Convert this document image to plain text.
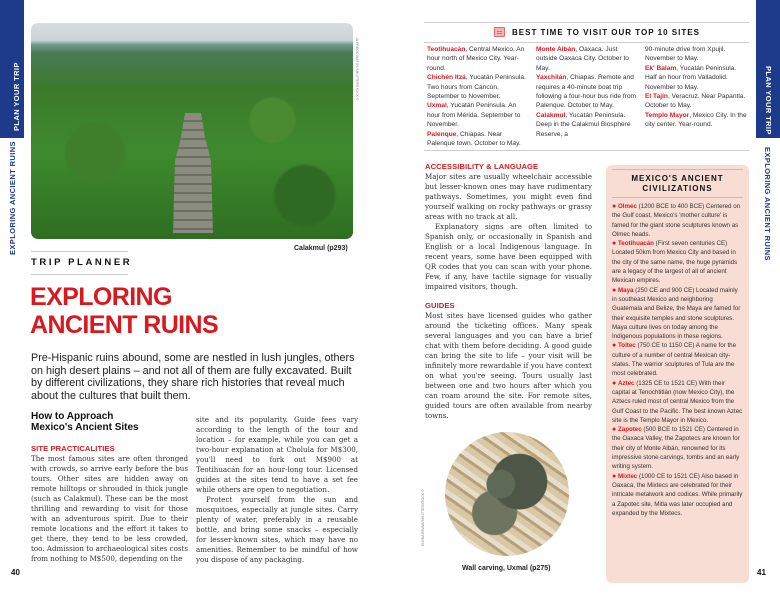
PLAN YOUR TRIP
EXPLORING ANCIENT RUINS
ALFREDO MATUS/SHUTTERSTOCK ©
Calakmul (p293)
TRIP PLANNER
EXPLORING
ANCIENT RUINS

Pre-Hispanic ruins abound, some are nestled in lush jungles, others on high desert plains – and not all of them are fully excavated. Built by different civilizations, they share rich histories that reveal much about the cultures that built them.

How to Approach
Mexico's Ancient Sites
SITE PRACTICALITIES

The most famous sites are often thronged with crowds, so arrive early before the bus tours. Other sites are hidden away on remote hilltops or shrouded in thick jungle (such as Calakmul). These can be the most thrilling and rewarding to visit for those with an adventurous spirit. Due to their remote locations and the effort it takes to get there, they tend to be less crowded, too. Admission to archaeological sites costs from nothing to M$500, depending on the

site and its popularity. Guide fees vary according to the length of the tour and location – for example, while you can get a two-hour explanation at Cholula for M$300, you'll need to fork out M$900 at Teotihuacán for an hour-long tour. Licensed guides at the sites tend to have a set fee while others are open to negotiation.

Protect yourself from the sun and mosquitoes, especially at jungle sites. Carry plenty of water, preferably in a reusable bottle, and bring some snacks – especially for lesser-known sites, which may have no amenities. Remember to be mindful of how you dispose of any packaging.

40
PLAN YOUR TRIP
EXPLORING ANCIENT RUINS
BEST TIME TO VISIT OUR TOP 10 SITES
Teotihuacán, Central Mexico. An hour north of Mexico City. Year-round.
Chichén Itzá, Yucatán Peninsula. Two hours from Cancún. September to November.
Uxmal, Yucatán Peninsula. An hour from Mérida. September to November.
Palenque, Chiapas. Near Palenque town. October to May.
Monte Albán, Oaxaca. Just outside Oaxaca City. October to May.
Yaxchilán, Chiapas. Remote and requires a 40-minute boat trip following a four-hour bus ride from Palenque. October to May.
Calakmul, Yucatán Peninsula. Deep in the Calakmul Biosphere Reserve, a
90-minute drive from Xpujil. November to May.
Ek' Balam, Yucatán Peninsula. Half an hour from Valladolid. November to May.
El Tajín, Veracruz. Near Papantla. October to May.
Templo Mayor, Mexico City. In the city center. Year-round.
ACCESSIBILITY & LANGUAGE

Major sites are usually wheelchair accessible but lesser-known ones may have rudimentary pathways. Sometimes, you might even find yourself walking on rocky pathways or grassy areas with no track at all.

Explanatory signs are often limited to Spanish only, or occasionally in Spanish and English or a local Indigenous language. In recent years, some have been equipped with QR codes that you can scan with your phone. Few, if any, have tactile signage for visually impaired visitors, though.

GUIDES

Most sites have licensed guides who gather around the ticketing offices. Many speak several languages and you can have a brief chat with them before deciding. A good guide can bring the site to life – your visit will be infinitely more rewardable if you have context on what you're seeing. Tours usually last between one and two hours after which you can roam around the site. For remote sites, guided tours are often available from nearby towns.

ELENA BRAVA/SHUTTERSTOCK ©
Wall carving, Uxmal (p275)
MEXICO'S ANCIENT
CIVILIZATIONS
● Olmec (1200 BCE to 400 BCE) Centered on the Gulf coast, Mexico's 'mother culture' is famed for the giant stone sculptures known as Olmec heads.
● Teotihuacán (First seven centuries CE) Located 50km from Mexico City and based in the city of the same name, the huge pyramids are a legacy of the largest of all of ancient Mexican empires.
● Maya (250 CE and 900 CE) Located mainly in southeast Mexico and neighboring Guatemala and Belize, the Maya are famed for their exquisite temples and stone sculptures. Maya culture lives on today among the Indigenous populations in these regions.
● Toltec (750 CE to 1150 CE) A name for the culture of a number of central Mexican city-states. The warrior sculptures of Tula are the most celebrated.
● Aztec (1325 CE to 1521 CE) With their capital at Tenochtitlán (now Mexico City), the Aztecs ruled most of central Mexico from the Gulf Coast to the Pacific. The best known Aztec site is the Templo Mayor in Mexico.
● Zapotec (500 BCE to 1521 CE) Centered in the Oaxaca Valley, the Zapotecs are known for their city of Monte Albán, renowned for its impressive stone carvings, tombs and an early writing system.
● Mixtec (1000 CE to 1521 CE) Also based in Oaxaca, the Mixtecs are celebrated for their intricate metalwork and codices. While primarily a Zapotec site, Mitla was later occupied and expanded by the Mixtecs.
41
